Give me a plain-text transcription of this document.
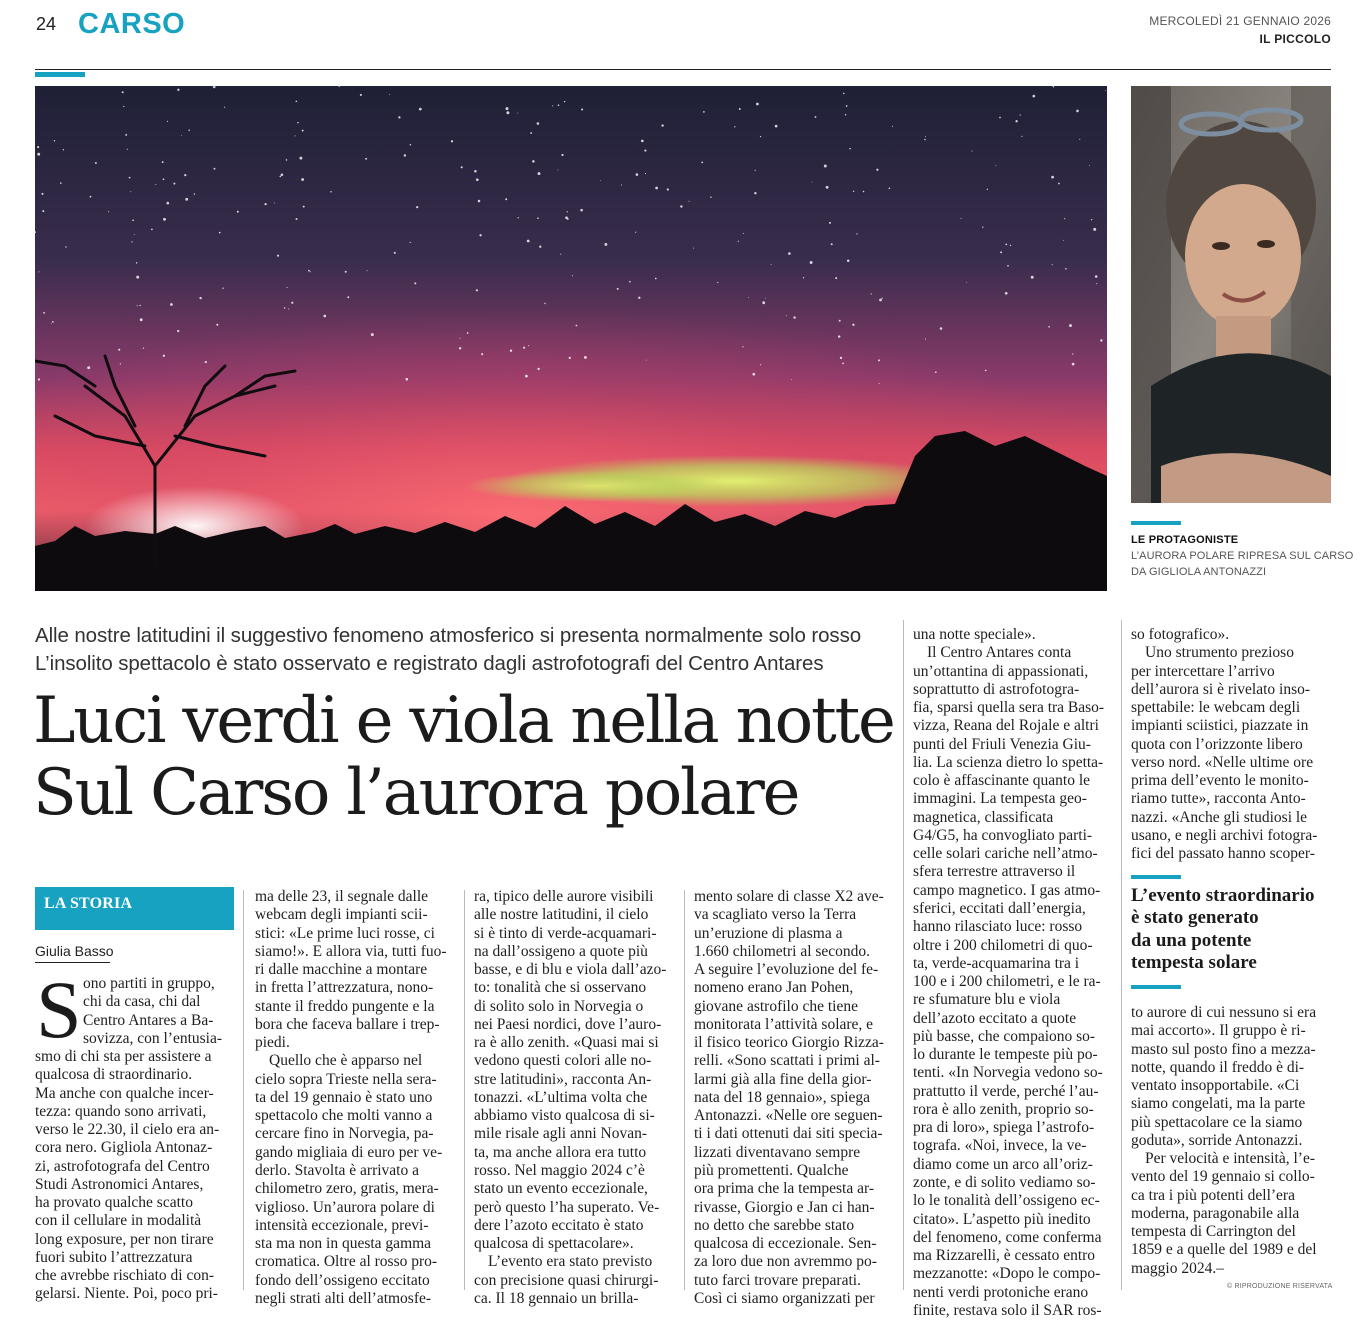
24 CARSO	MERCOLEDÌ 21 GENNAIO 2026
IL PICCOLO
LE PROTAGONISTE
L’AURORA POLARE RIPRESA SUL CARSO
DA GIGLIOLA ANTONAZZI
Alle nostre latitudini il suggestivo fenomeno atmosferico si presenta normalmente solo rosso
L’insolito spettacolo è stato osservato e registrato dagli astrofotografi del Centro Antares
Luci verdi e viola nella notte
Sul Carso l’aurora polare
LA STORIA
Giulia Basso
S ono partiti in gruppo,
chi da casa, chi dal
Centro Antares a Ba-
sovizza, con l’entusia-
smo di chi sta per assistere a
qualcosa di straordinario.
Ma anche con qualche incer-
tezza: quando sono arrivati,
verso le 22.30, il cielo era an-
cora nero. Gigliola Antonaz-
zi, astrofotografa del Centro
Studi Astronomici Antares,
ha provato qualche scatto
con il cellulare in modalità
long exposure, per non tirare
fuori subito l’attrezzatura
che avrebbe rischiato di con-
gelarsi. Niente. Poi, poco pri-
ma delle 23, il segnale dalle
webcam degli impianti scii-
stici: «Le prime luci rosse, ci
siamo!». E allora via, tutti fuo-
ri dalle macchine a montare
in fretta l’attrezzatura, nono-
stante il freddo pungente e la
bora che faceva ballare i trep-
piedi.
Quello che è apparso nel
cielo sopra Trieste nella sera-
ta del 19 gennaio è stato uno
spettacolo che molti vanno a
cercare fino in Norvegia, pa-
gando migliaia di euro per ve-
derlo. Stavolta è arrivato a
chilometro zero, gratis, mera-
viglioso. Un’aurora polare di
intensità eccezionale, previ-
sta ma non in questa gamma
cromatica. Oltre al rosso pro-
fondo dell’ossigeno eccitato
negli strati alti dell’atmosfe-
ra, tipico delle aurore visibili
alle nostre latitudini, il cielo
si è tinto di verde-acquamari-
na dall’ossigeno a quote più
basse, e di blu e viola dall’azo-
to: tonalità che si osservano
di solito solo in Norvegia o
nei Paesi nordici, dove l’auro-
ra è allo zenith. «Quasi mai si
vedono questi colori alle no-
stre latitudini», racconta An-
tonazzi. «L’ultima volta che
abbiamo visto qualcosa di si-
mile risale agli anni Novan-
ta, ma anche allora era tutto
rosso. Nel maggio 2024 c’è
stato un evento eccezionale,
però questo l’ha superato. Ve-
dere l’azoto eccitato è stato
qualcosa di spettacolare».
L’evento era stato previsto
con precisione quasi chirurgi-
ca. Il 18 gennaio un brilla-
mento solare di classe X2 ave-
va scagliato verso la Terra
un’eruzione di plasma a
1.660 chilometri al secondo.
A seguire l’evoluzione del fe-
nomeno erano Jan Pohen,
giovane astrofilo che tiene
monitorata l’attività solare, e
il fisico teorico Giorgio Rizza-
relli. «Sono scattati i primi al-
larmi già alla fine della gior-
nata del 18 gennaio», spiega
Antonazzi. «Nelle ore seguen-
ti i dati ottenuti dai siti specia-
lizzati diventavano sempre
più promettenti. Qualche
ora prima che la tempesta ar-
rivasse, Giorgio e Jan ci han-
no detto che sarebbe stato
qualcosa di eccezionale. Sen-
za loro due non avremmo po-
tuto farci trovare preparati.
Così ci siamo organizzati per
una notte speciale».
Il Centro Antares conta
un’ottantina di appassionati,
soprattutto di astrofotogra-
fia, sparsi quella sera tra Baso-
vizza, Reana del Rojale e altri
punti del Friuli Venezia Giu-
lia. La scienza dietro lo spetta-
colo è affascinante quanto le
immagini. La tempesta geo-
magnetica, classificata
G4/G5, ha convogliato parti-
celle solari cariche nell’atmo-
sfera terrestre attraverso il
campo magnetico. I gas atmo-
sferici, eccitati dall’energia,
hanno rilasciato luce: rosso
oltre i 200 chilometri di quo-
ta, verde-acquamarina tra i
100 e i 200 chilometri, e le ra-
re sfumature blu e viola
dell’azoto eccitato a quote
più basse, che compaiono so-
lo durante le tempeste più po-
tenti. «In Norvegia vedono so-
prattutto il verde, perché l’au-
rora è allo zenith, proprio so-
pra di loro», spiega l’astrofo-
tografa. «Noi, invece, la ve-
diamo come un arco all’oriz-
zonte, e di solito vediamo so-
lo le tonalità dell’ossigeno ec-
citato». L’aspetto più inedito
del fenomeno, come conferma
ma Rizzarelli, è cessato entro
mezzanotte: «Dopo le compo-
nenti verdi protoniche erano
finite, restava solo il SAR ros-
so fotografico».
Uno strumento prezioso
per intercettare l’arrivo
dell’aurora si è rivelato inso-
spettabile: le webcam degli
impianti sciistici, piazzate in
quota con l’orizzonte libero
verso nord. «Nelle ultime ore
prima dell’evento le monito-
riamo tutte», racconta Anto-
nazzi. «Anche gli studiosi le
usano, e negli archivi fotogra-
fici del passato hanno scoper-
L’evento straordinario
è stato generato
da una potente
tempesta solare
to aurore di cui nessuno si era
mai accorto». Il gruppo è ri-
masto sul posto fino a mezza-
notte, quando il freddo è di-
ventato insopportabile. «Ci
siamo congelati, ma la parte
più spettacolare ce la siamo
goduta», sorride Antonazzi.
Per velocità e intensità, l’e-
vento del 19 gennaio si collo-
ca tra i più potenti dell’era
moderna, paragonabile alla
tempesta di Carrington del
1859 e a quelle del 1989 e del
maggio 2024.–
© RIPRODUZIONE RISERVATA
